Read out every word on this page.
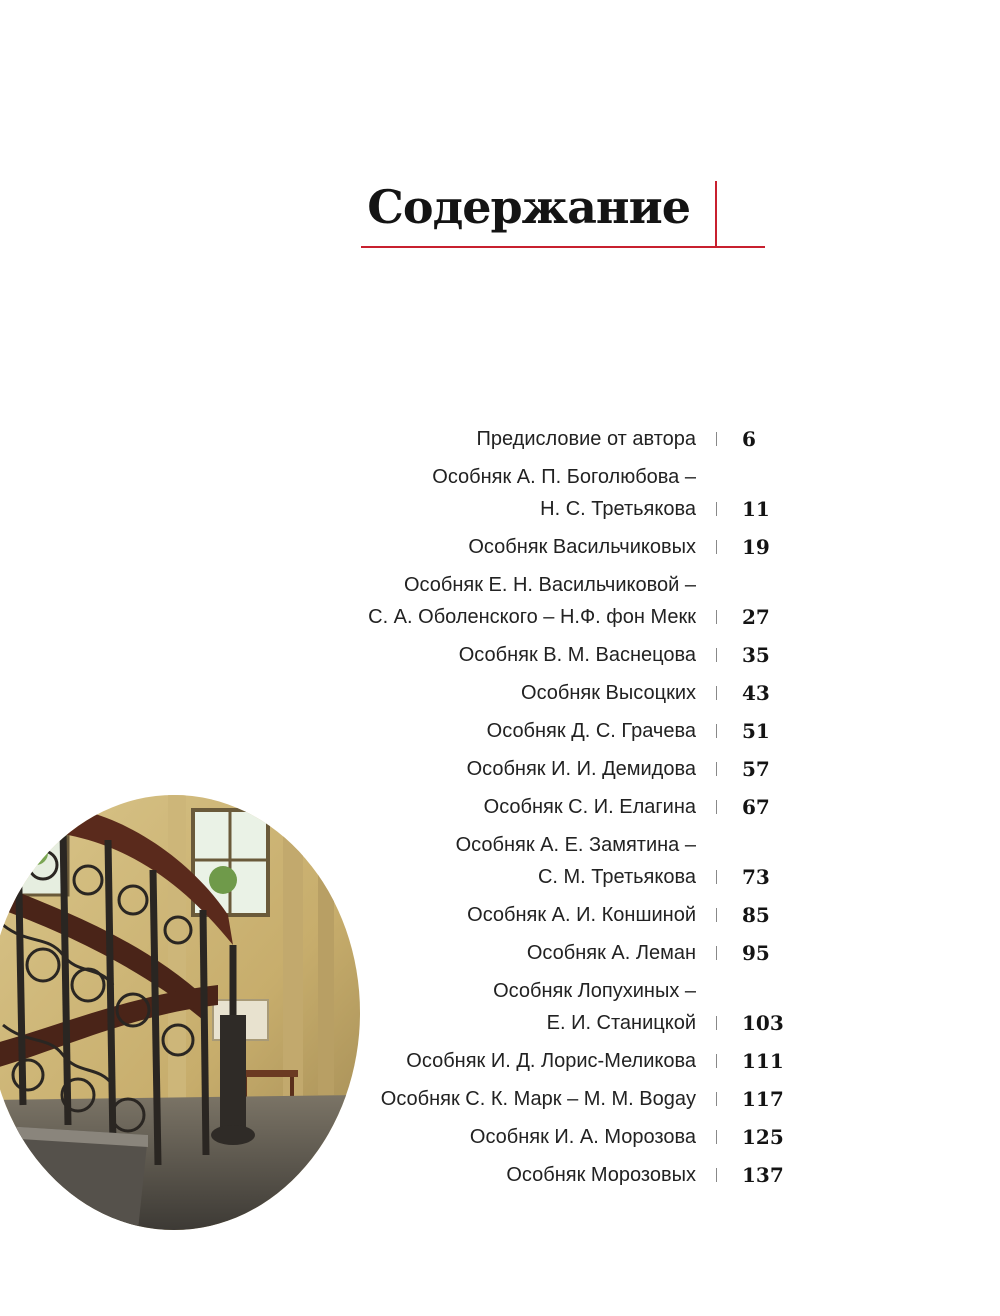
Содержание
Предисловие от автора 6
Особняк А. П. Боголюбова –
Н. С. Третьякова 11
Особняк Васильчиковых 19
Особняк Е. Н. Васильчиковой –
С. А. Оболенского – Н.Ф. фон Мекк 27
Особняк В. М. Васнецова 35
Особняк Высоцких 43
Особняк Д. С. Грачева 51
Особняк И. И. Демидова 57
Особняк С. И. Елагина 67
Особняк А. Е. Замятина –
С. М. Третьякова 73
Особняк А. И. Коншиной 85
Особняк А. Леман 95
Особняк Лопухиных –
Е. И. Станицкой 103
Особняк И. Д. Лорис-Меликова 111
Особняк С. К. Марк – М. М. Bogay 117
Особняк И. А. Морозова 125
Особняк Морозовых 137
